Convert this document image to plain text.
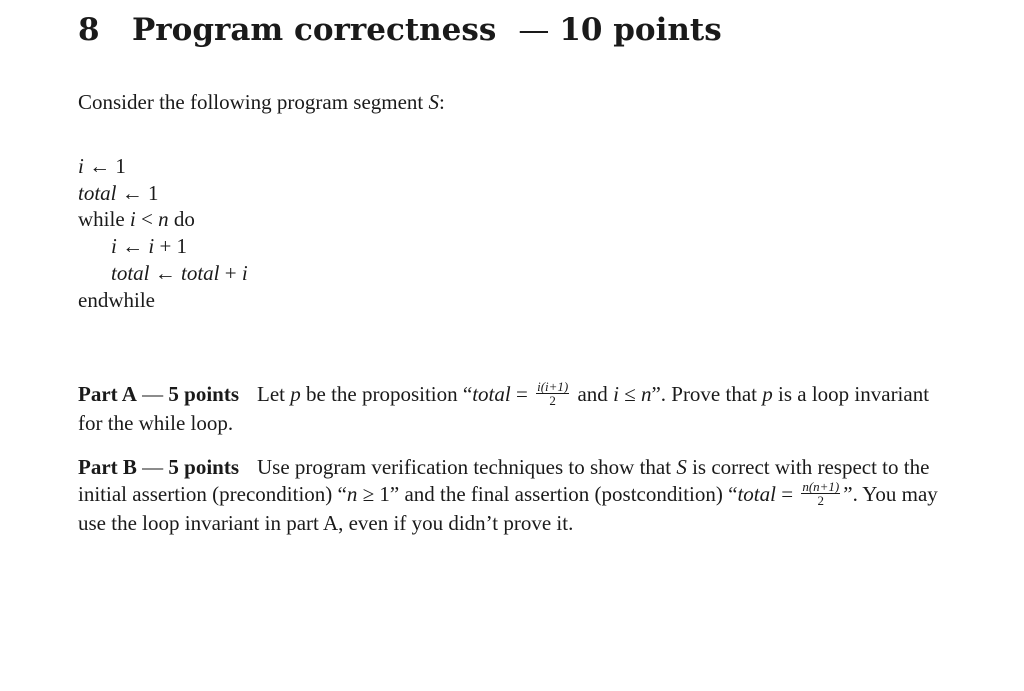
8 Program correctness — 10 points
Consider the following program segment S:
i ← 1
total ← 1
while i < n do
i ← i + 1
total ← total + i
endwhile
Part A — 5 points Let p be the proposition “total = $\frac{i(i+1)}{2}$ and i ≤ n”. Prove that p is a loop invariant for the while loop.
Part B — 5 points Use program verification techniques to show that S is correct with respect to the initial assertion (precondition) “n ≥ 1” and the final assertion (postcondition) “total = $\frac{n(n+1)}{2}$ ”. You may use the loop invariant in part A, even if you didn’t prove it.
